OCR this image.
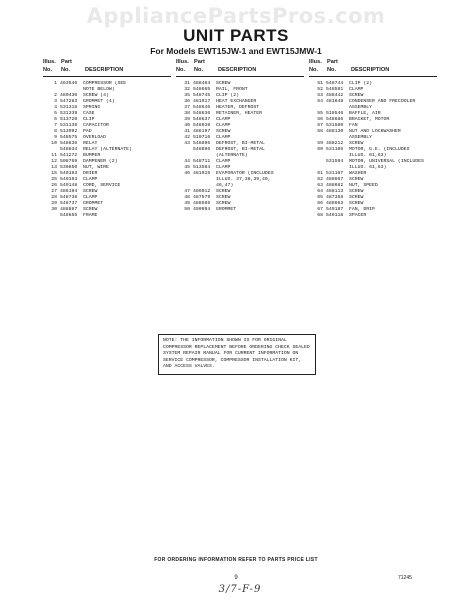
AppliancePartsPros.com
UNIT PARTS
For Models EWT15JW-1 and EWT15JMW-1
Illus. Part
No. No.	DESCRIPTION
1 463546	COMPRESSOR (SEE
NOTE BELOW)
2 480430	SCREW (4)
3 547283	GROMMET (4)
4 531318	SPRING
5 531339	CASE
6 513720	CLIP
7 531139	CAPACITOR
8 513992	PAD
9 548575	OVERLOAD
10 548836	RELAY
548834	RELAY (ALTERNATE)
11 541272	BUMPER
12 508769	DAMPENER (2)
13 530850	NUT, WIRE
15 549193	DRIER
25 549193	CLAMP
26 549148	CORD, SERVICE
27 486194	SCREW
28 548738	CLAMP
29 548737	GROMMET
30 488887	SCREW
548655	FRAME
Illus. Part
No. No.	DESCRIPTION
31 488484	SCREW
32 548665	RAIL, FRONT
35 548745	CLIP (2)
36 481917	HEAT EXCHANGER
37 548645	HEATER, DEFROST
38 548636	RETAINER, HEATER
39 548637	CLAMP
40 548638	CLAMP
41 488197	SCREW
42 510716	CLAMP
43 548895	DEFROST, BI-METAL
548896	DEFROST, BI-METAL
(ALTERNATE)
44 548711	CLAMP
45 513584	CLAMP
46 481915	EVAPORATOR (INCLUDES
ILLUS. 37,38,39,40,
46,47)
47 486012	SCREW
48 487579	SCREW
49 488585	SCREW
50 490994	GROMMET
Illus. Part
No. No.	DESCRIPTION
51 548744	CLIP (2)
52 548581	CLAMP
53 488442	SCREW
54 481848	CONDENSER AND FRECOOLER
ASSEMBLY
55 518546	BAFFLE, AIR
56 548686	BRACKET, MOTOR
57 531580	FAN
58 488130	NUT AND LOCKWASHER
ASSEMBLY
59 488212	SCREW
60 531106	MOTOR, G.E. (INCLUDES
ILLUS. 61,63)
531594	MOTOR, UNIVERSAL (INCLUDES
ILLUS. 61,63)
61 531107	WASHER
62 488667	SCREW
63 488682	NUT, SPEED
64 488113	SCREW
65 487358	SCREW
66 488663	SCREW
67 549187	FAN, DRIP
68 549118	SPACER
NOTE: THE INFORMATION SHOWN IS FOR ORIGINAL COMPRESSOR REPLACEMENT BEFORE ORDERING CHECK SEALED SYSTEM REPAIR MANUAL FOR CURRENT INFORMATION ON SERVICE COMPRESSOR, COMPRESSOR INSTALLATION KIT, AND ACCESS VALVES.
FOR ORDERING INFORMATION REFER TO PARTS PRICE LIST
9	71245
3/7-F-9
